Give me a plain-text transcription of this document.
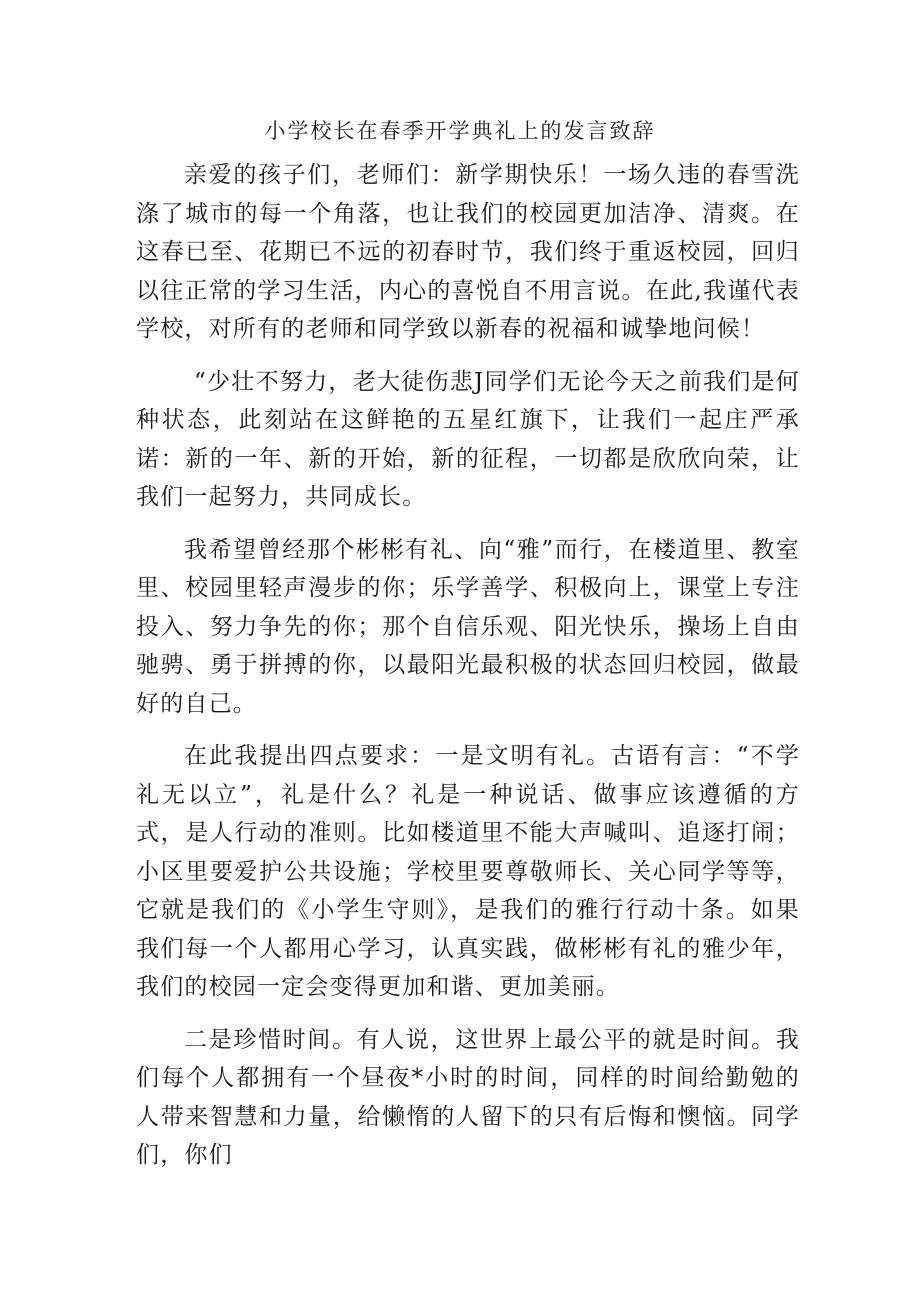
小学校长在春季开学典礼上的发言致辞

亲爱的孩子们，老师们：新学期快乐！一场久违的春雪洗涤了城市的每一个角落，也让我们的校园更加洁净、清爽。在这春已至、花期已不远的初春时节，我们终于重返校园，回归以往正常的学习生活，内心的喜悦自不用言说。在此,我谨代表学校，对所有的老师和同学致以新春的祝福和诚挚地问候！

“少壮不努力，老大徒伤悲J同学们无论今天之前我们是何种状态，此刻站在这鲜艳的五星红旗下，让我们一起庄严承诺：新的一年、新的开始，新的征程，一切都是欣欣向荣，让我们一起努力，共同成长。

我希望曾经那个彬彬有礼、向“雅”而行，在楼道里、教室里、校园里轻声漫步的你；乐学善学、积极向上，课堂上专注投入、努力争先的你；那个自信乐观、阳光快乐，操场上自由驰骋、勇于拼搏的你，以最阳光最积极的状态回归校园，做最好的自己。

在此我提出四点要求：一是文明有礼。古语有言：“不学礼无以立”，礼是什么？礼是一种说话、做事应该遵循的方式，是人行动的准则。比如楼道里不能大声喊叫、追逐打闹；小区里要爱护公共设施；学校里要尊敬师长、关心同学等等，它就是我们的《小学生守则》，是我们的雅行行动十条。如果我们每一个人都用心学习，认真实践，做彬彬有礼的雅少年，我们的校园一定会变得更加和谐、更加美丽。

二是珍惜时间。有人说，这世界上最公平的就是时间。我们每个人都拥有一个昼夜*小时的时间，同样的时间给勤勉的人带来智慧和力量，给懒惰的人留下的只有后悔和懊恼。同学们，你们
